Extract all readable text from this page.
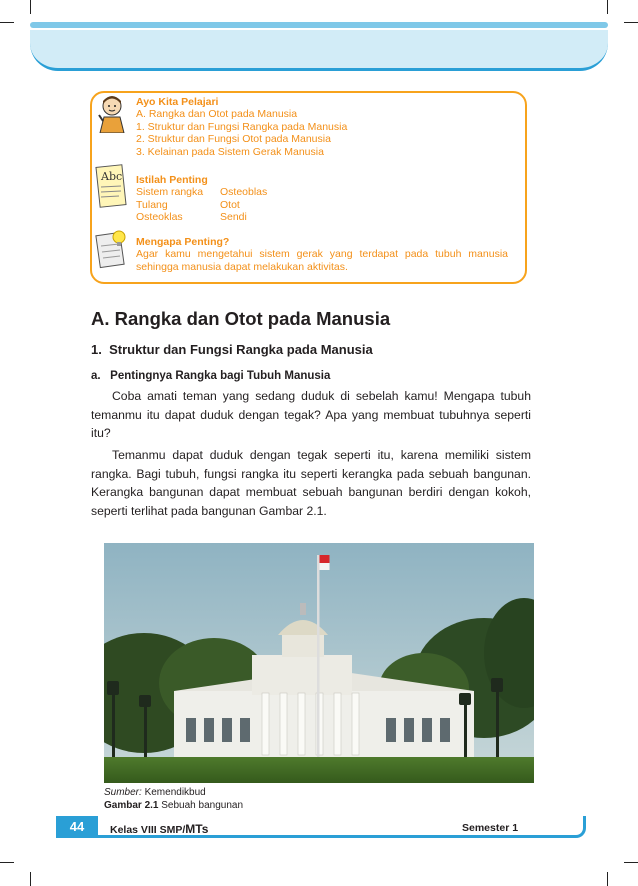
Abc
Ayo Kita Pelajari
A. Rangka dan Otot pada Manusia
1. Struktur dan Fungsi Rangka pada Manusia
2. Struktur dan Fungsi Otot pada Manusia
3. Kelainan pada Sistem Gerak Manusia
Istilah Penting
Sistem rangka	Osteoblas
Tulang	Otot
Osteoklas	Sendi
Mengapa Penting?
Agar kamu mengetahui sistem gerak yang terdapat pada tubuh manusia
sehingga manusia dapat melakukan aktivitas.
A. Rangka dan Otot pada Manusia
1.  Struktur dan Fungsi Rangka pada Manusia
a.   Pentingnya Rangka bagi Tubuh Manusia
Coba amati teman yang sedang duduk di sebelah kamu! Mengapa tubuh temanmu itu dapat duduk dengan tegak? Apa yang membuat tubuhnya seperti itu?
Temanmu dapat duduk dengan tegak seperti itu, karena memiliki sistem rangka. Bagi tubuh, fungsi rangka itu seperti kerangka pada sebuah bangunan. Kerangka bangunan dapat membuat sebuah bangunan berdiri dengan kokoh, seperti terlihat pada bangunan Gambar 2.1.
Sumber: Kemendikbud
Gambar 2.1 Sebuah bangunan
44	Kelas VIII SMP/MTs	Semester 1
